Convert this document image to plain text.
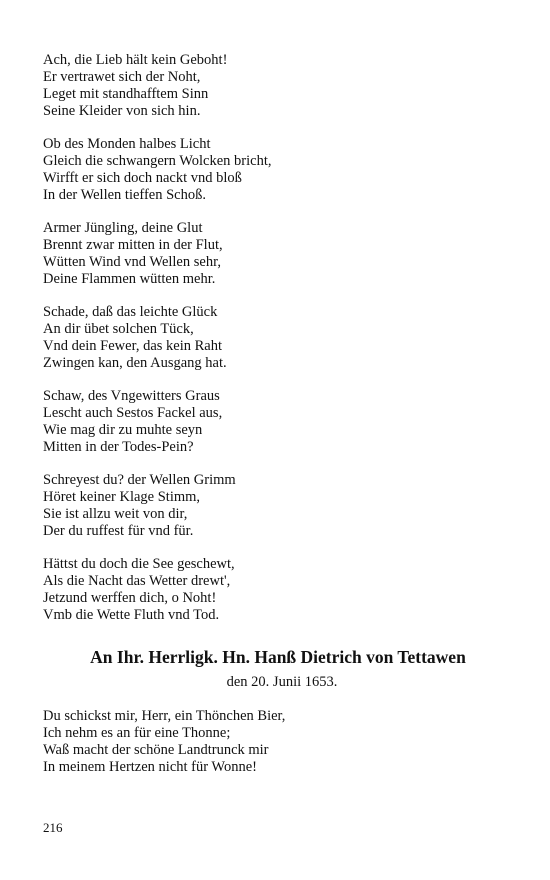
Ach, die Lieb hält kein Geboht!
Er vertrawet sich der Noht,
Leget mit standhafftem Sinn
Seine Kleider von sich hin.
Ob des Monden halbes Licht
Gleich die schwangern Wolcken bricht,
Wirfft er sich doch nackt vnd bloß
In der Wellen tieffen Schoß.
Armer Jüngling, deine Glut
Brennt zwar mitten in der Flut,
Wütten Wind vnd Wellen sehr,
Deine Flammen wütten mehr.
Schade, daß das leichte Glück
An dir übet solchen Tück,
Vnd dein Fewer, das kein Raht
Zwingen kan, den Ausgang hat.
Schaw, des Vngewitters Graus
Lescht auch Sestos Fackel aus,
Wie mag dir zu muhte seyn
Mitten in der Todes-Pein?
Schreyest du? der Wellen Grimm
Höret keiner Klage Stimm,
Sie ist allzu weit von dir,
Der du ruffest für vnd für.
Hättst du doch die See geschewt,
Als die Nacht das Wetter drewt',
Jetzund werffen dich, o Noht!
Vmb die Wette Fluth vnd Tod.
An Ihr. Herrligk. Hn. Hanß Dietrich von Tettawen
den 20. Junii 1653.
Du schickst mir, Herr, ein Thönchen Bier,
Ich nehm es an für eine Thonne;
Waß macht der schöne Landtrunck mir
In meinem Hertzen nicht für Wonne!
216
